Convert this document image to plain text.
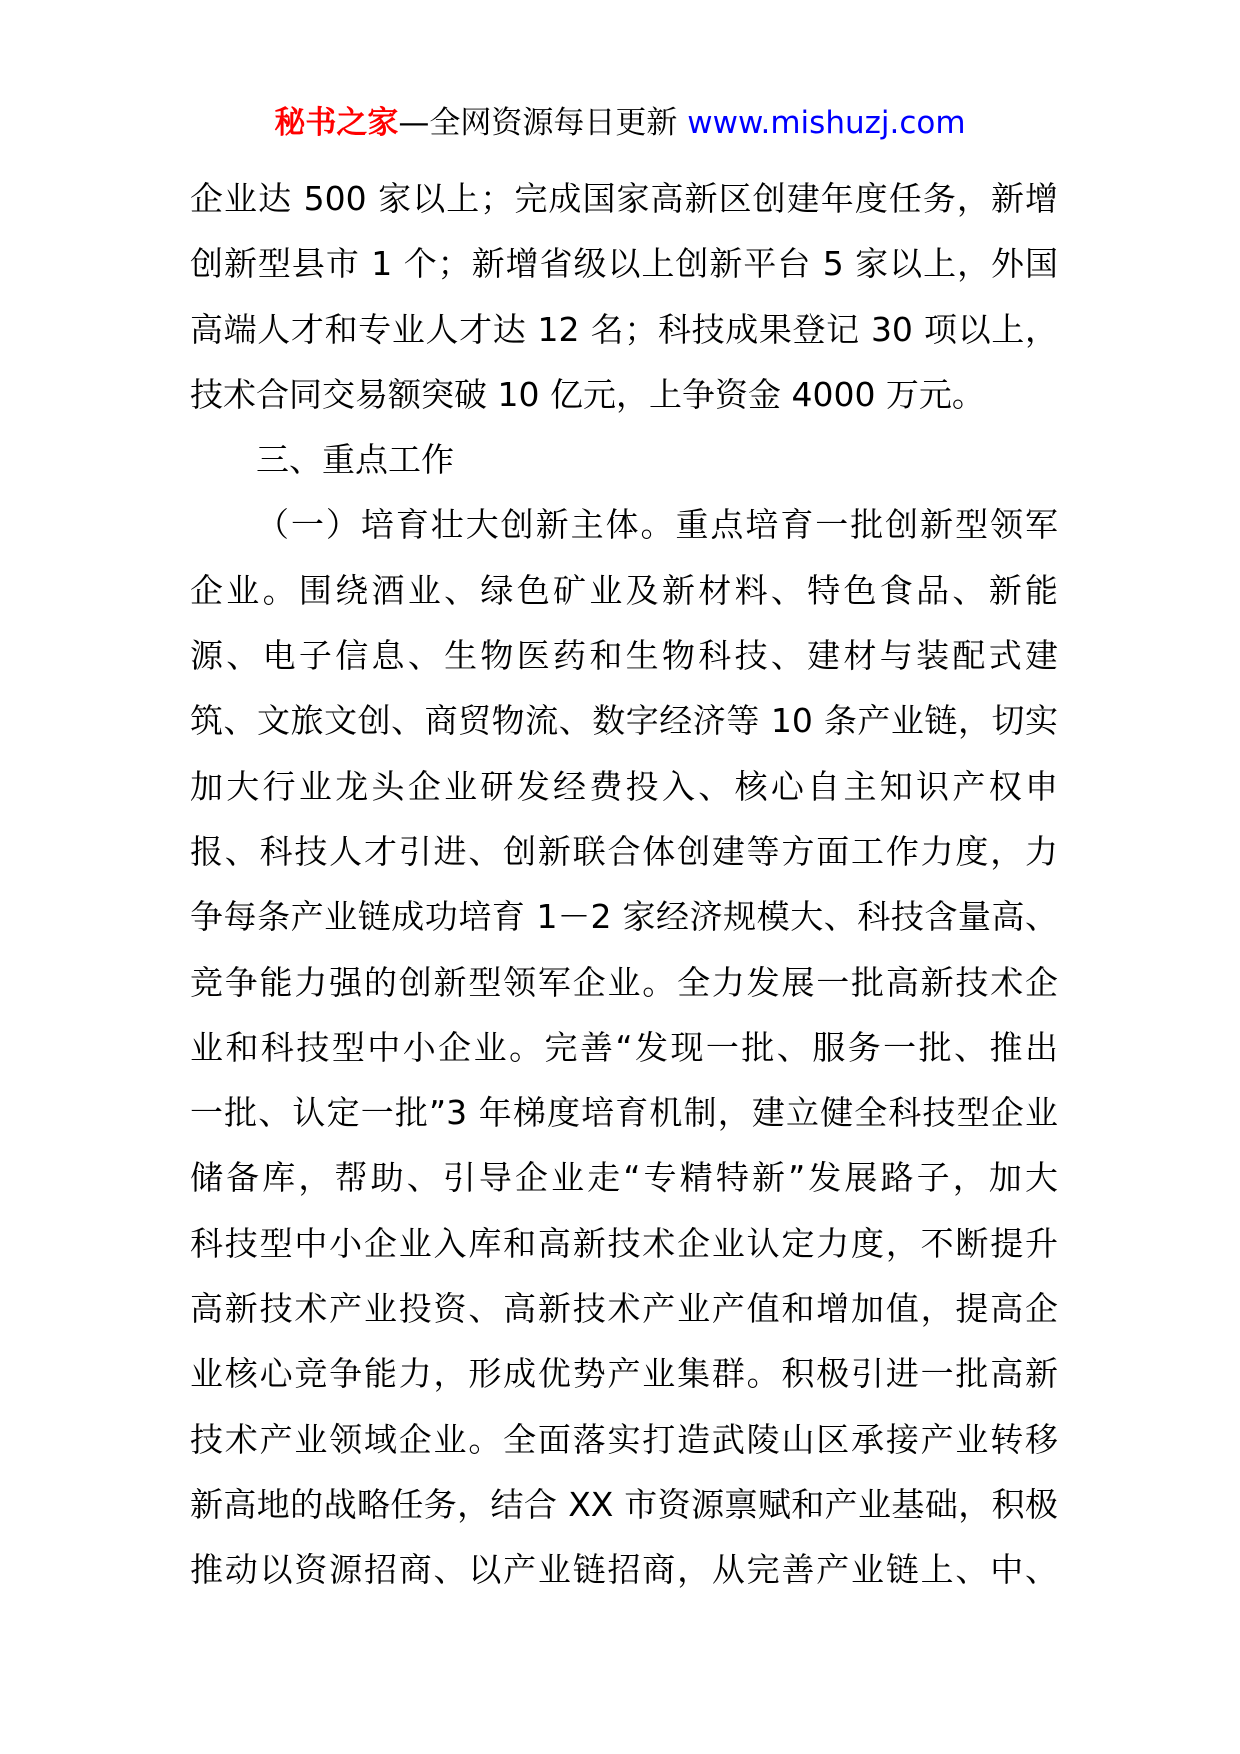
秘书之家—全网资源每日更新 www.mishuzj.com
企业达 500 家以上；完成国家高新区创建年度任务，新增
创新型县市 1 个；新增省级以上创新平台 5 家以上，外国
高端人才和专业人才达 12 名；科技成果登记 30 项以上，
技术合同交易额突破 10 亿元，上争资金 4000 万元。
三、重点工作
（一）培育壮大创新主体。重点培育一批创新型领军
企业。围绕酒业、绿色矿业及新材料、特色食品、新能
源、电子信息、生物医药和生物科技、建材与装配式建
筑、文旅文创、商贸物流、数字经济等 10 条产业链，切实
加大行业龙头企业研发经费投入、核心自主知识产权申
报、科技人才引进、创新联合体创建等方面工作力度，力
争每条产业链成功培育 1－2 家经济规模大、科技含量高、
竞争能力强的创新型领军企业。全力发展一批高新技术企
业和科技型中小企业。完善“发现一批、服务一批、推出
一批、认定一批”3 年梯度培育机制，建立健全科技型企业
储备库，帮助、引导企业走“专精特新”发展路子，加大
科技型中小企业入库和高新技术企业认定力度，不断提升
高新技术产业投资、高新技术产业产值和增加值，提高企
业核心竞争能力，形成优势产业集群。积极引进一批高新
技术产业领域企业。全面落实打造武陵山区承接产业转移
新高地的战略任务，结合 XX 市资源禀赋和产业基础，积极
推动以资源招商、以产业链招商，从完善产业链上、中、
